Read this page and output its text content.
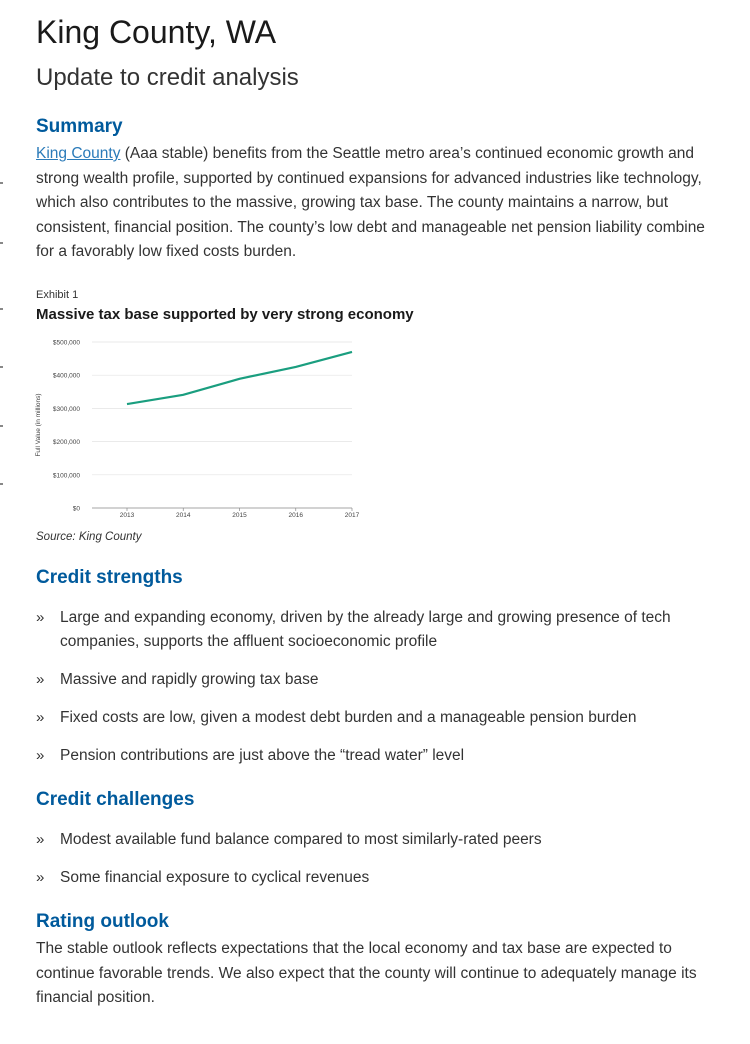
King County, WA
Update to credit analysis
Summary
King County (Aaa stable) benefits from the Seattle metro area’s continued economic growth and strong wealth profile, supported by continued expansions for advanced industries like technology, which also contributes to the massive, growing tax base. The county maintains a narrow, but consistent, financial position. The county’s low debt and manageable net pension liability combine for a favorably low fixed costs burden.
Exhibit 1
Massive tax base supported by very strong economy
$0
$100,000
$200,000
$300,000
$400,000
$500,000
2013	2014	2015	2016	2017
Full Value (in millions)
Source: King County
Credit strengths
» Large and expanding economy, driven by the already large and growing presence of tech companies, supports the affluent socioeconomic profile
» Massive and rapidly growing tax base
» Fixed costs are low, given a modest debt burden and a manageable pension burden
» Pension contributions are just above the “tread water” level
Credit challenges
» Modest available fund balance compared to most similarly-rated peers
» Some financial exposure to cyclical revenues
Rating outlook
The stable outlook reflects expectations that the local economy and tax base are expected to continue favorable trends. We also expect that the county will continue to adequately manage its financial position.
